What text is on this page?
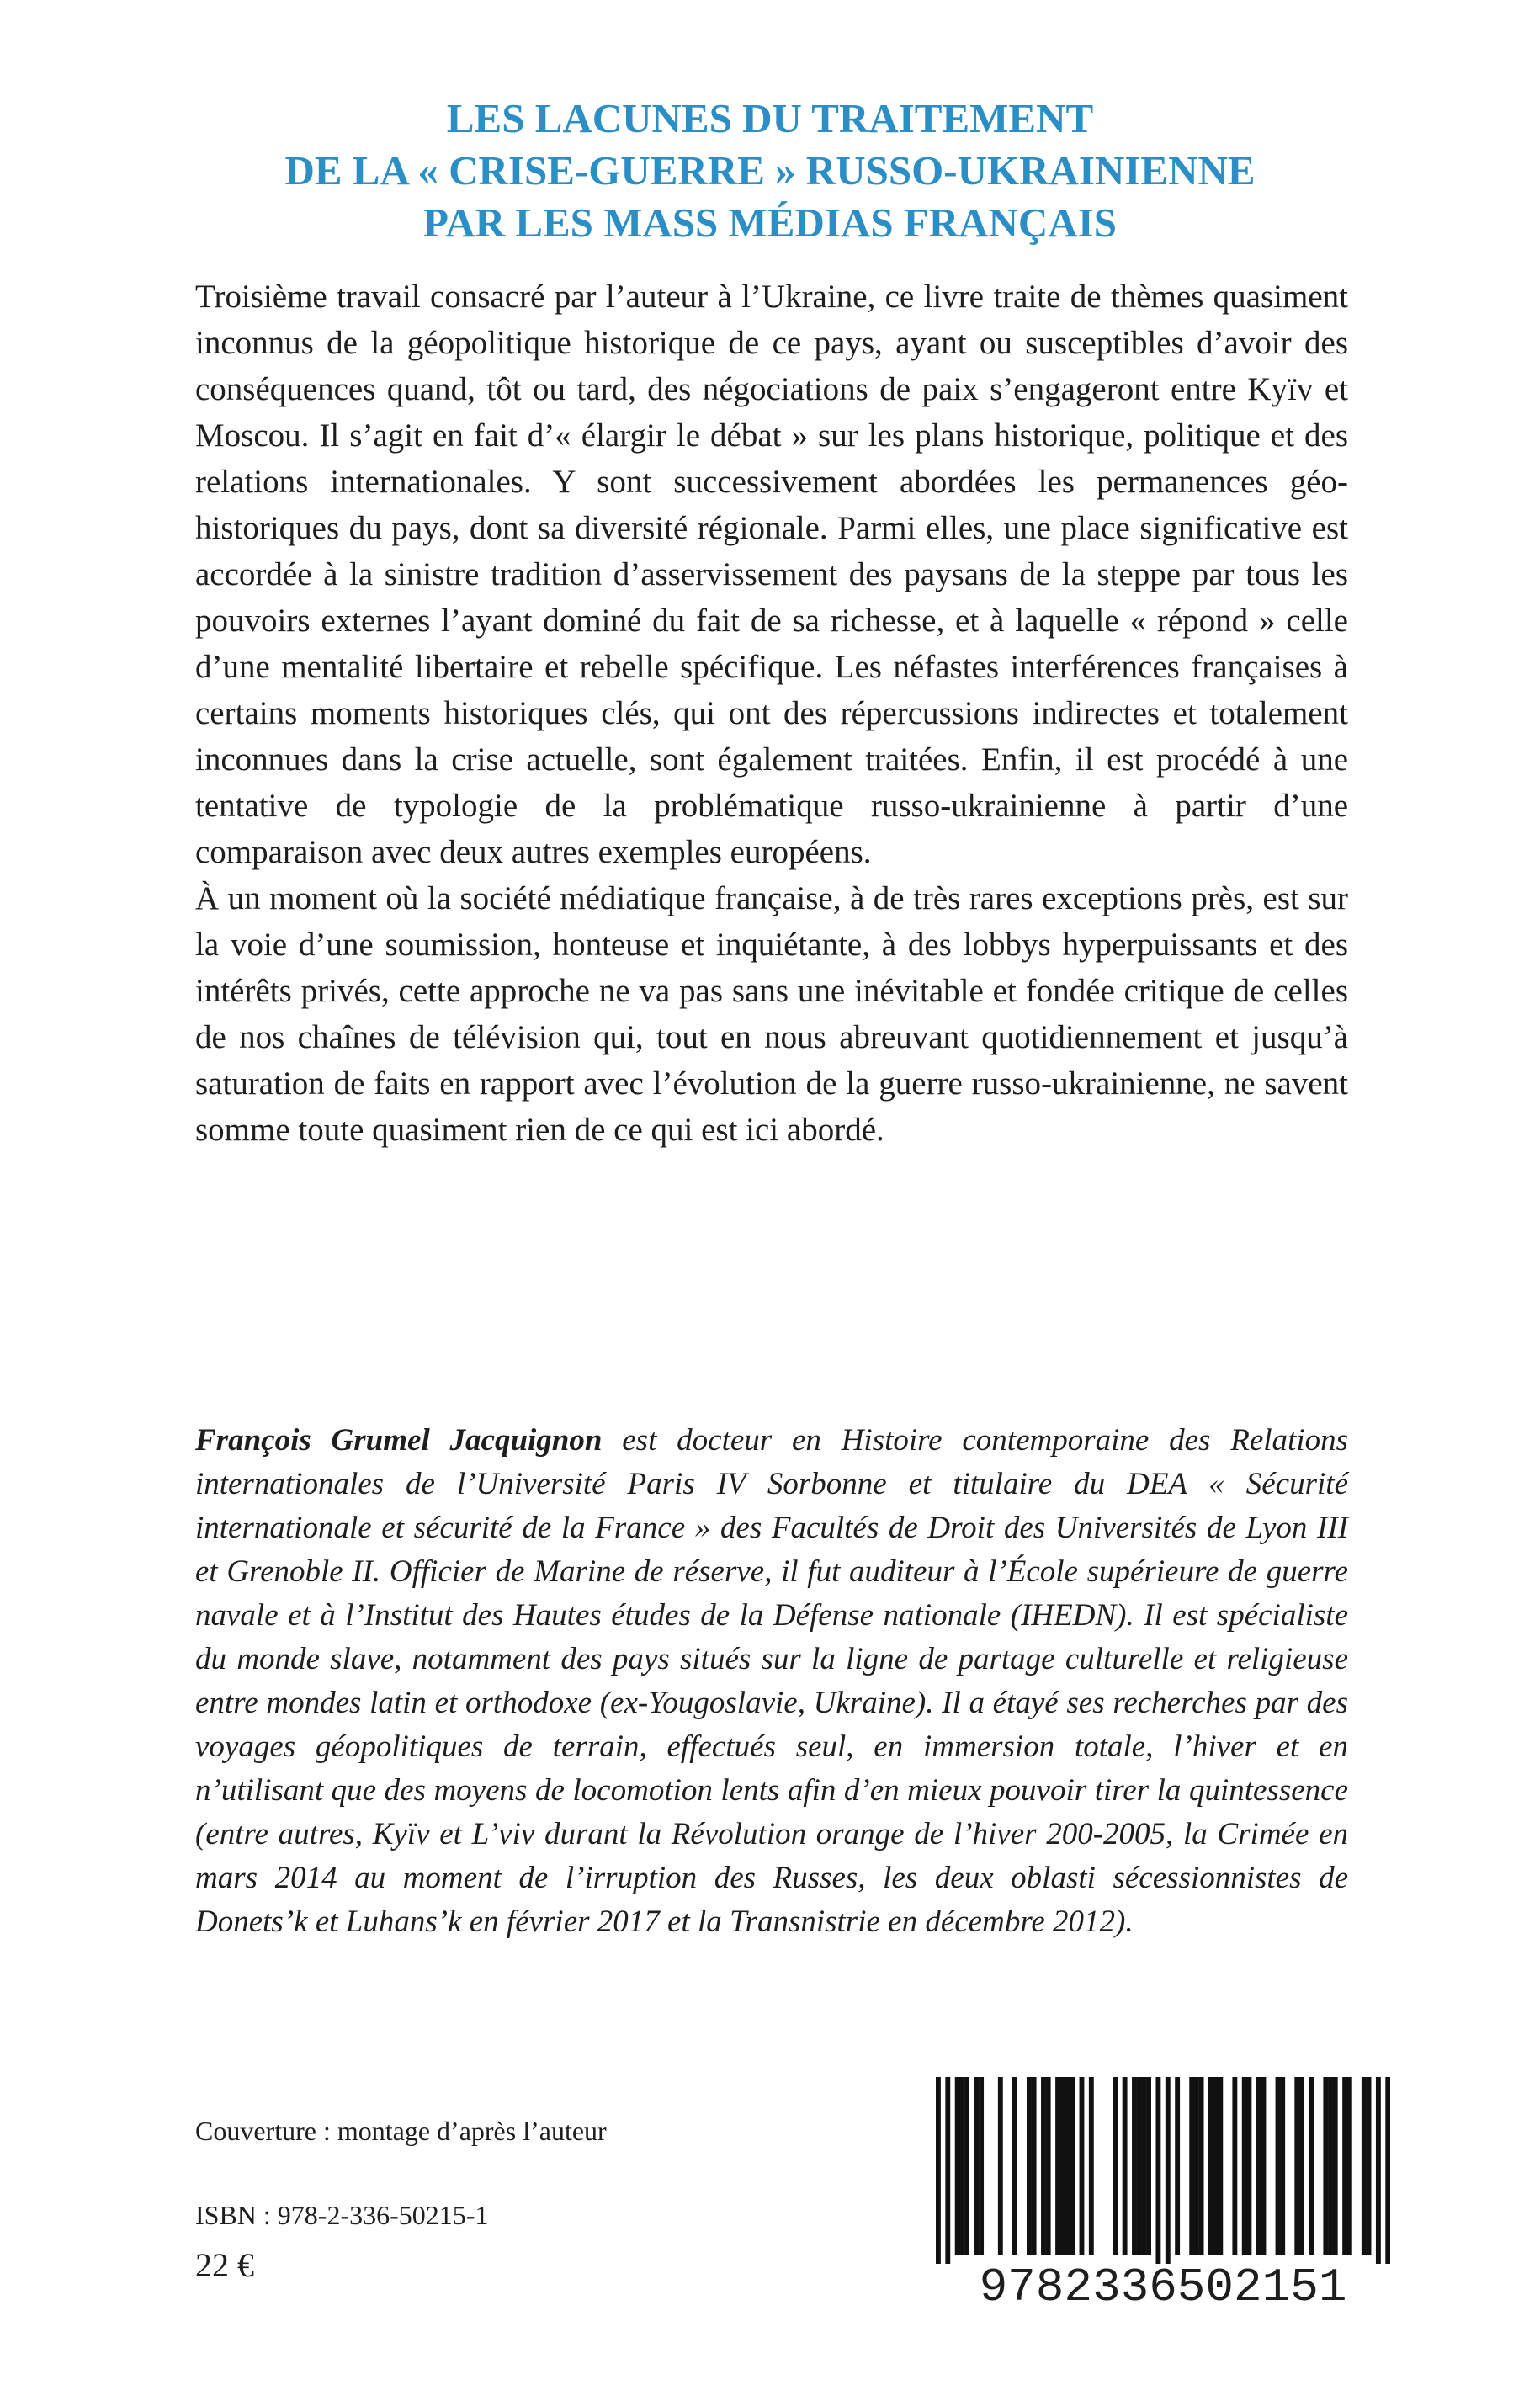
LES LACUNES DU TRAITEMENT
DE LA « CRISE-GUERRE » RUSSO-UKRAINIENNE
PAR LES MASS MÉDIAS FRANÇAIS

Troisième travail consacré par l’auteur à l’Ukraine, ce livre traite de thèmes quasiment inconnus de la géopolitique historique de ce pays, ayant ou susceptibles d’avoir des conséquences quand, tôt ou tard, des négociations de paix s’engageront entre Kyïv et Moscou. Il s’agit en fait d’« élargir le débat » sur les plans historique, politique et des relations internationales. Y sont successivement abordées les permanences géo-historiques du pays, dont sa diversité régionale. Parmi elles, une place significative est accordée à la sinistre tradition d’asservissement des paysans de la steppe par tous les pouvoirs externes l’ayant dominé du fait de sa richesse, et à laquelle « répond » celle d’une mentalité libertaire et rebelle spécifique. Les néfastes interférences françaises à certains moments historiques clés, qui ont des répercussions indirectes et totalement inconnues dans la crise actuelle, sont également traitées. Enfin, il est procédé à une tentative de typologie de la problématique russo-ukrainienne à partir d’une comparaison avec deux autres exemples européens.

À un moment où la société médiatique française, à de très rares exceptions près, est sur la voie d’une soumission, honteuse et inquiétante, à des lobbys hyperpuissants et des intérêts privés, cette approche ne va pas sans une inévitable et fondée critique de celles de nos chaînes de télévision qui, tout en nous abreuvant quotidiennement et jusqu’à saturation de faits en rapport avec l’évolution de la guerre russo-ukrainienne, ne savent somme toute quasiment rien de ce qui est ici abordé.

François Grumel Jacquignon est docteur en Histoire contemporaine des Relations internationales de l’Université Paris IV Sorbonne et titulaire du DEA « Sécurité internationale et sécurité de la France » des Facultés de Droit des Universités de Lyon III et Grenoble II. Officier de Marine de réserve, il fut auditeur à l’École supérieure de guerre navale et à l’Institut des Hautes études de la Défense nationale (IHEDN). Il est spécialiste du monde slave, notamment des pays situés sur la ligne de partage culturelle et religieuse entre mondes latin et orthodoxe (ex-Yougoslavie, Ukraine). Il a étayé ses recherches par des voyages géopolitiques de terrain, effectués seul, en immersion totale, l’hiver et en n’utilisant que des moyens de locomotion lents afin d’en mieux pouvoir tirer la quintessence (entre autres, Kyïv et L’viv durant la Révolution orange de l’hiver 200-2005, la Crimée en mars 2014 au moment de l’irruption des Russes, les deux oblasti sécessionnistes de Donets’k et Luhans’k en février 2017 et la Transnistrie en décembre 2012).
Couverture : montage d’après l’auteur
ISBN : 978-2-336-50215-1
22 €	9782336502151
